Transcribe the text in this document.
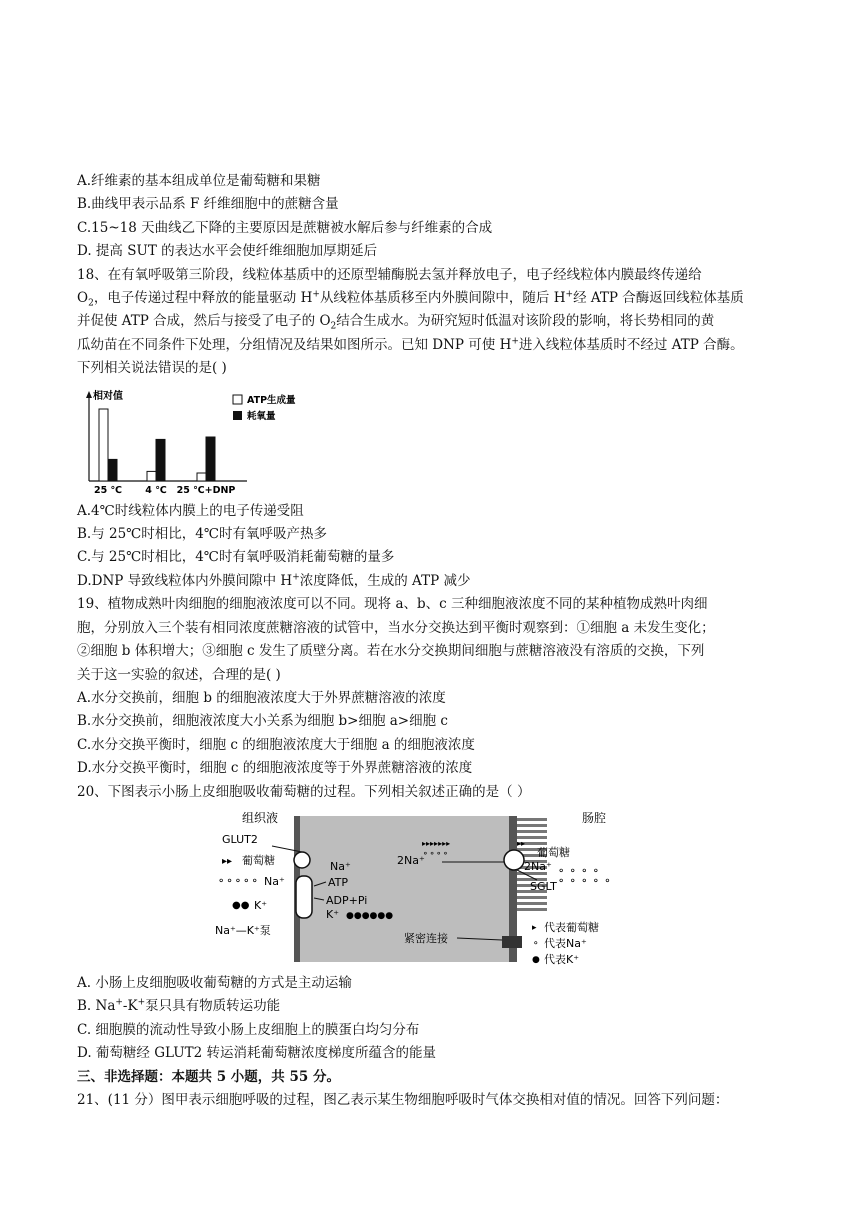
A.纤维素的基本组成单位是葡萄糖和果糖
B.曲线甲表示品系 F 纤维细胞中的蔗糖含量
C.15~18 天曲线乙下降的主要原因是蔗糖被水解后参与纤维素的合成
D. 提高 SUT 的表达水平会使纤维细胞加厚期延后
18、在有氧呼吸第三阶段，线粒体基质中的还原型辅酶脱去氢并释放电子，电子经线粒体内膜最终传递给
$O_2$，电子传递过程中释放的能量驱动 H+从线粒体基质移至内外膜间隙中，随后 H+经 ATP 合酶返回线粒体基质
并促使 ATP 合成，然后与接受了电子的 $O_2$结合生成水。为研究短时低温对该阶段的影响，将长势相同的黄
瓜幼苗在不同条件下处理，分组情况及结果如图所示。已知 DNP 可使 H+进入线粒体基质时不经过 ATP 合酶。
下列相关说法错误的是( )
相对值
25 ℃ 4 ℃ 25 ℃+DNP
ATP生成量
耗氧量
A.4℃时线粒体内膜上的电子传递受阻
B.与 25℃时相比，4℃时有氧呼吸产热多
C.与 25℃时相比，4℃时有氧呼吸消耗葡萄糖的量多
D.DNP 导致线粒体内外膜间隙中 H+浓度降低，生成的 ATP 减少
19、植物成熟叶肉细胞的细胞液浓度可以不同。现将 a、b、c 三种细胞液浓度不同的某种植物成熟叶肉细
胞，分别放入三个装有相同浓度蔗糖溶液的试管中，当水分交换达到平衡时观察到：①细胞 a 未发生变化；
②细胞 b 体积增大；③细胞 c 发生了质壁分离。若在水分交换期间细胞与蔗糖溶液没有溶质的交换，下列
关于这一实验的叙述，合理的是( )
A.水分交换前，细胞 b 的细胞液浓度大于外界蔗糖溶液的浓度
B.水分交换前，细胞液浓度大小关系为细胞 b>细胞 a>细胞 c
C.水分交换平衡时，细胞 c 的细胞液浓度大于细胞 a 的细胞液浓度
D.水分交换平衡时，细胞 c 的细胞液浓度等于外界蔗糖溶液的浓度
20、下图表示小肠上皮细胞吸收葡萄糖的过程。下列相关叙述正确的是（ ）
组织液	肠腔
GLUT2
▸▸ 葡萄糖
⚬⚬⚬⚬⚬ Na⁺
●● K⁺
Na⁺—K⁺泵
Na⁺
ATP
ADP+Pi
K⁺ ●●●●●●
2Na⁺
▸▸▸▸▸▸▸
⚬⚬⚬⚬
2Na⁺
葡萄糖
▸▸
SGLT ⚬ ⚬ ⚬ ⚬ ⚬
⚬ ⚬ ⚬ ⚬
紧密连接
▸ 代表葡萄糖
⚬ 代表Na⁺
● 代表K⁺
A. 小肠上皮细胞吸收葡萄糖的方式是主动运输
B. Na+-K+泵只具有物质转运功能
C. 细胞膜的流动性导致小肠上皮细胞上的膜蛋白均匀分布
D. 葡萄糖经 GLUT2 转运消耗葡萄糖浓度梯度所蕴含的能量
三、非选择题：本题共 5 小题，共 55 分。
21、(11 分）图甲表示细胞呼吸的过程，图乙表示某生物细胞呼吸时气体交换相对值的情况。回答下列问题：
